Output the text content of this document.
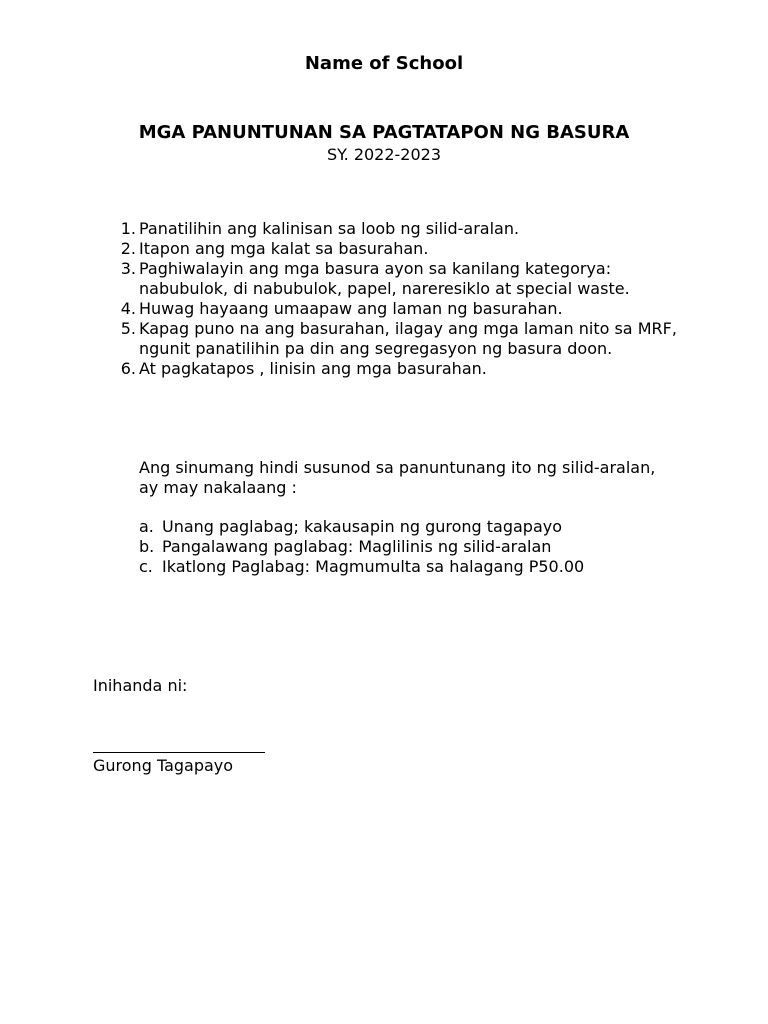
Name of School
MGA PANUNTUNAN SA PAGTATAPON NG BASURA
SY. 2022-2023
1. Panatilihin ang kalinisan sa loob ng silid-aralan.
2. Itapon ang mga kalat sa basurahan.
3. Paghiwalayin ang mga basura ayon sa kanilang kategorya: nabubulok, di nabubulok, papel, nareresiklo at special waste.
4. Huwag hayaang umaapaw ang laman ng basurahan.
5. Kapag puno na ang basurahan, ilagay ang mga laman nito sa MRF, ngunit panatilihin pa din ang segregasyon ng basura doon.
6. At pagkatapos , linisin ang mga basurahan.

Ang sinumang hindi susunod sa panuntunang ito ng silid-aralan, ay may nakalaang :

a. Unang paglabag; kakausapin ng gurong tagapayo
b. Pangalawang paglabag: Maglilinis ng silid-aralan
c. Ikatlong Paglabag: Magmumulta sa halagang P50.00
Inihanda ni:
Gurong Tagapayo
